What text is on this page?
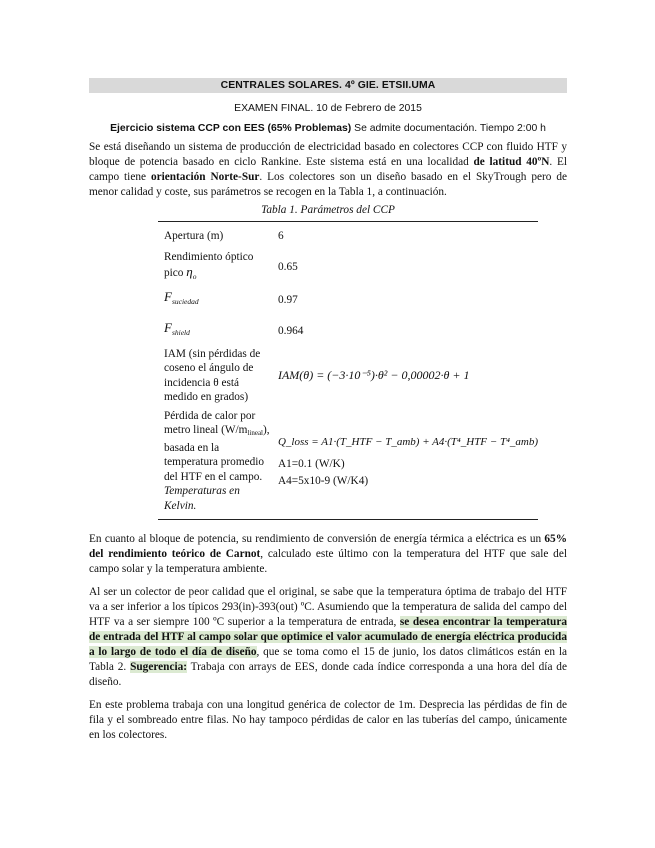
CENTRALES SOLARES. 4º GIE. ETSII.UMA
EXAMEN FINAL. 10 de Febrero de 2015
Ejercicio sistema CCP con EES (65% Problemas) Se admite documentación. Tiempo 2:00 h

Se está diseñando un sistema de producción de electricidad basado en colectores CCP con fluido HTF y bloque de potencia basado en ciclo Rankine. Este sistema está en una localidad de latitud 40ºN. El campo tiene orientación Norte-Sur. Los colectores son un diseño basado en el SkyTrough pero de menor calidad y coste, sus parámetros se recogen en la Tabla 1, a continuación.

Tabla 1. Parámetros del CCP
Apertura (m)	6
Rendimiento óptico pico $\eta_o$	0.65
$F_{suciedad}$	0.97
$F_{shield}$	0.964
IAM (sin pérdidas de coseno el ángulo de incidencia θ está medido en grados)	IAM(θ) = (−3·10⁻⁵)·θ² − 0,00002·θ + 1
Pérdida de calor por metro lineal (W/mlineal), basada en la temperatura promedio del HTF en el campo. Temperaturas en Kelvin.	Q_loss = A1·(T_HTF − T_amb) + A4·(T⁴_HTF − T⁴_amb)
A1=0.1 (W/K)
A4=5x10-9 (W/K4)

En cuanto al bloque de potencia, su rendimiento de conversión de energía térmica a eléctrica es un 65% del rendimiento teórico de Carnot, calculado este último con la temperatura del HTF que sale del campo solar y la temperatura ambiente.

Al ser un colector de peor calidad que el original, se sabe que la temperatura óptima de trabajo del HTF va a ser inferior a los típicos 293(in)-393(out) ºC. Asumiendo que la temperatura de salida del campo del HTF va a ser siempre 100 ºC superior a la temperatura de entrada, se desea encontrar la temperatura de entrada del HTF al campo solar que optimice el valor acumulado de energía eléctrica producida a lo largo de todo el día de diseño, que se toma como el 15 de junio, los datos climáticos están en la Tabla 2. Sugerencia: Trabaja con arrays de EES, donde cada índice corresponda a una hora del día de diseño.

En este problema trabaja con una longitud genérica de colector de 1m. Desprecia las pérdidas de fin de fila y el sombreado entre filas. No hay tampoco pérdidas de calor en las tuberías del campo, únicamente en los colectores.
